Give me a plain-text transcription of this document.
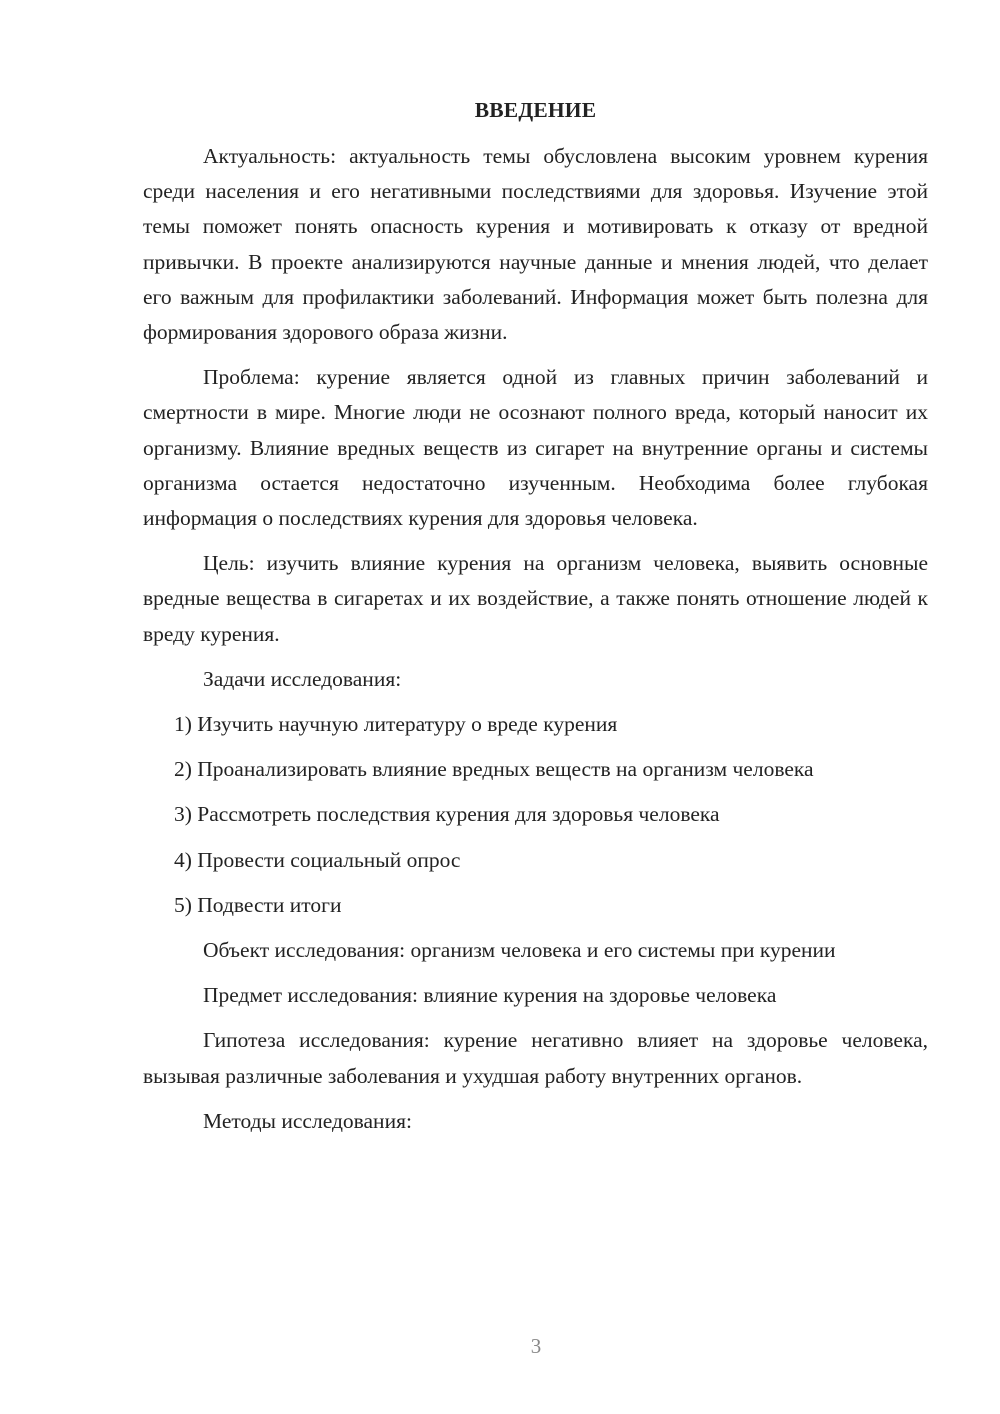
ВВЕДЕНИЕ

Актуальность: актуальность темы обусловлена высоким уровнем курения среди населения и его негативными последствиями для здоровья. Изучение этой темы поможет понять опасность курения и мотивировать к отказу от вредной привычки. В проекте анализируются научные данные и мнения людей, что делает его важным для профилактики заболеваний. Информация может быть полезна для формирования здорового образа жизни.

Проблема: курение является одной из главных причин заболеваний и смертности в мире. Многие люди не осознают полного вреда, который наносит их организму. Влияние вредных веществ из сигарет на внутренние органы и системы организма остается недостаточно изученным. Необходима более глубокая информация о последствиях курения для здоровья человека.

Цель: изучить влияние курения на организм человека, выявить основные вредные вещества в сигаретах и их воздействие, а также понять отношение людей к вреду курения.

Задачи исследования:

1) Изучить научную литературу о вреде курения
2) Проанализировать влияние вредных веществ на организм человека
3) Рассмотреть последствия курения для здоровья человека
4) Провести социальный опрос
5) Подвести итоги

Объект исследования: организм человека и его системы при курении

Предмет исследования: влияние курения на здоровье человека

Гипотеза исследования: курение негативно влияет на здоровье человека, вызывая различные заболевания и ухудшая работу внутренних органов.

Методы исследования:

3
